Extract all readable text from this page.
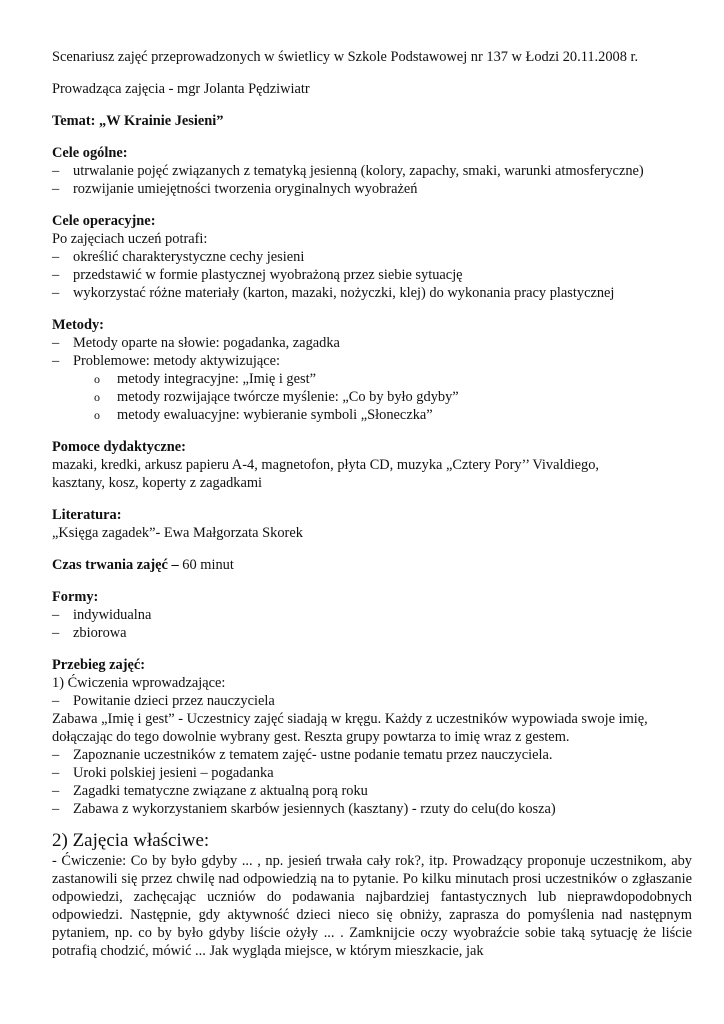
Scenariusz zajęć przeprowadzonych w świetlicy w Szkole Podstawowej nr 137 w Łodzi 20.11.2008 r.
Prowadząca zajęcia - mgr Jolanta Pędziwiatr
Temat: „W Krainie Jesieni”
Cele ogólne:
– utrwalanie pojęć związanych z tematyką jesienną (kolory, zapachy, smaki, warunki atmosferyczne)
– rozwijanie umiejętności tworzenia oryginalnych wyobrażeń
Cele operacyjne:
Po zajęciach uczeń potrafi:
– określić charakterystyczne cechy jesieni
– przedstawić w formie plastycznej wyobrażoną przez siebie sytuację
– wykorzystać różne materiały (karton, mazaki, nożyczki, klej) do wykonania pracy plastycznej
Metody:
– Metody oparte na słowie: pogadanka, zagadka
– Problemowe: metody aktywizujące:
o metody integracyjne: „Imię i gest”
o metody rozwijające twórcze myślenie: „Co by było gdyby”
o metody ewaluacyjne: wybieranie symboli „Słoneczka”
Pomoce dydaktyczne:
mazaki, kredki, arkusz papieru A-4, magnetofon, płyta CD, muzyka „Cztery Pory’’ Vivaldiego,
kasztany, kosz, koperty z zagadkami
Literatura:
„Księga zagadek”- Ewa Małgorzata Skorek
Czas trwania zajęć – 60 minut
Formy:
– indywidualna
– zbiorowa
Przebieg zajęć:
1) Ćwiczenia wprowadzające:
– Powitanie dzieci przez nauczyciela
Zabawa „Imię i gest” - Uczestnicy zajęć siadają w kręgu. Każdy z uczestników wypowiada swoje imię,
dołączając do tego dowolnie wybrany gest. Reszta grupy powtarza to imię wraz z gestem.
– Zapoznanie uczestników z tematem zajęć- ustne podanie tematu przez nauczyciela.
– Uroki polskiej jesieni – pogadanka
– Zagadki tematyczne związane z aktualną porą roku
– Zabawa z wykorzystaniem skarbów jesiennych (kasztany) - rzuty do celu(do kosza)
2) Zajęcia właściwe:
- Ćwiczenie: Co by było gdyby ... , np. jesień trwała cały rok?, itp. Prowadzący proponuje uczestnikom, aby zastanowili się przez chwilę nad odpowiedzią na to pytanie. Po kilku minutach prosi uczestników o zgłaszanie odpowiedzi, zachęcając uczniów do podawania najbardziej fantastycznych lub nieprawdopodobnych odpowiedzi. Następnie, gdy aktywność dzieci nieco się obniży, zaprasza do pomyślenia nad następnym pytaniem, np. co by było gdyby liście ożyły ... . Zamknijcie oczy wyobraźcie sobie taką sytuację że liście potrafią chodzić, mówić ... Jak wygląda miejsce, w którym mieszkacie, jak
